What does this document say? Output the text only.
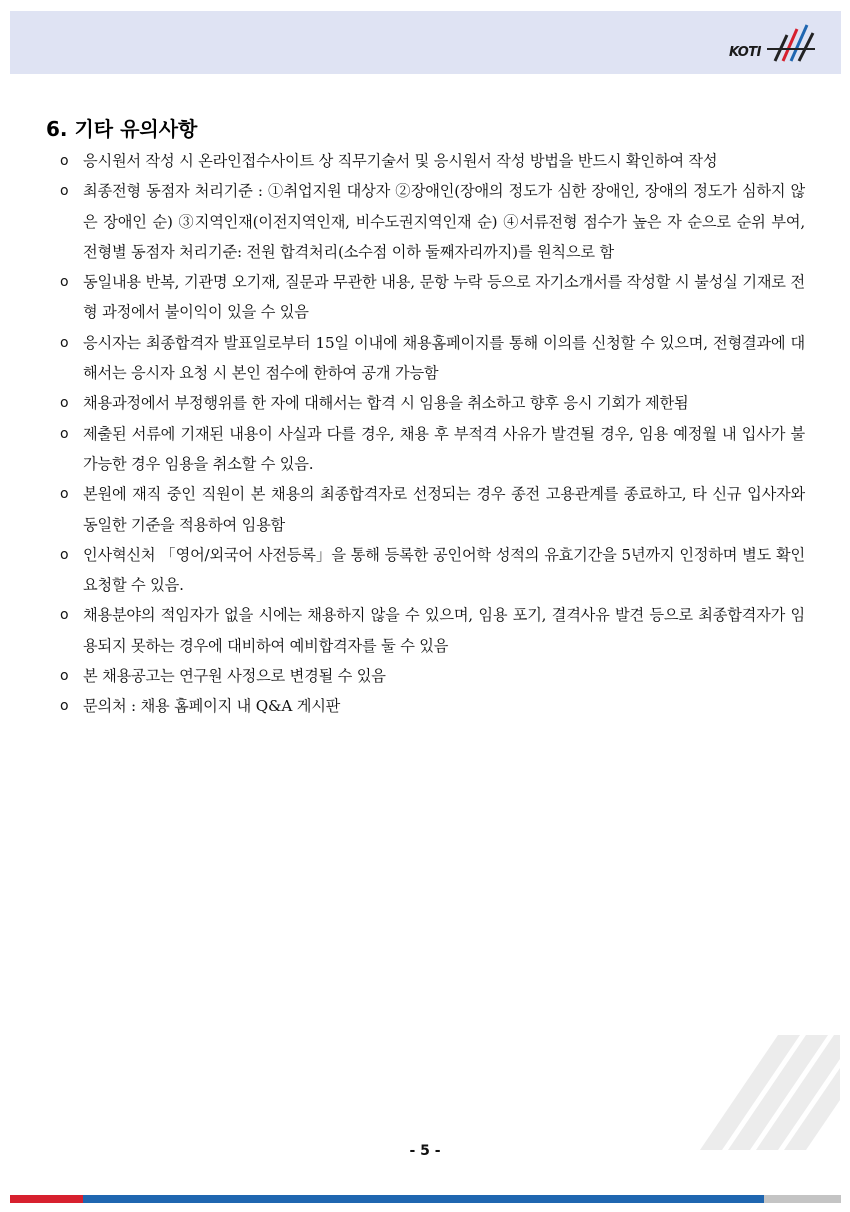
KOTI
6. 기타 유의사항
o 응시원서 작성 시 온라인접수사이트 상 직무기술서 및 응시원서 작성 방법을 반드시 확인하여 작성
o 최종전형 동점자 처리기준 : ①취업지원 대상자 ②장애인(장애의 정도가 심한 장애인, 장애의 정도가 심하지 않은 장애인 순) ③지역인재(이전지역인재, 비수도권지역인재 순) ④서류전형 점수가 높은 자 순으로 순위 부여, 전형별 동점자 처리기준: 전원 합격처리(소수점 이하 둘째자리까지)를 원칙으로 함
o 동일내용 반복, 기관명 오기재, 질문과 무관한 내용, 문항 누락 등으로 자기소개서를 작성할 시 불성실 기재로 전형 과정에서 불이익이 있을 수 있음
o 응시자는 최종합격자 발표일로부터 15일 이내에 채용홈페이지를 통해 이의를 신청할 수 있으며, 전형결과에 대해서는 응시자 요청 시 본인 점수에 한하여 공개 가능함
o 채용과정에서 부정행위를 한 자에 대해서는 합격 시 임용을 취소하고 향후 응시 기회가 제한됨
o 제출된 서류에 기재된 내용이 사실과 다를 경우, 채용 후 부적격 사유가 발견될 경우, 임용 예정월 내 입사가 불가능한 경우 임용을 취소할 수 있음.
o 본원에 재직 중인 직원이 본 채용의 최종합격자로 선정되는 경우 종전 고용관계를 종료하고, 타 신규 입사자와 동일한 기준을 적용하여 임용함
o 인사혁신처 「영어/외국어 사전등록」을 통해 등록한 공인어학 성적의 유효기간을 5년까지 인정하며 별도 확인 요청할 수 있음.
o 채용분야의 적임자가 없을 시에는 채용하지 않을 수 있으며, 임용 포기, 결격사유 발견 등으로 최종합격자가 임용되지 못하는 경우에 대비하여 예비합격자를 둘 수 있음
o 본 채용공고는 연구원 사정으로 변경될 수 있음
o 문의처 : 채용 홈페이지 내 Q&A 게시판
- 5 -
